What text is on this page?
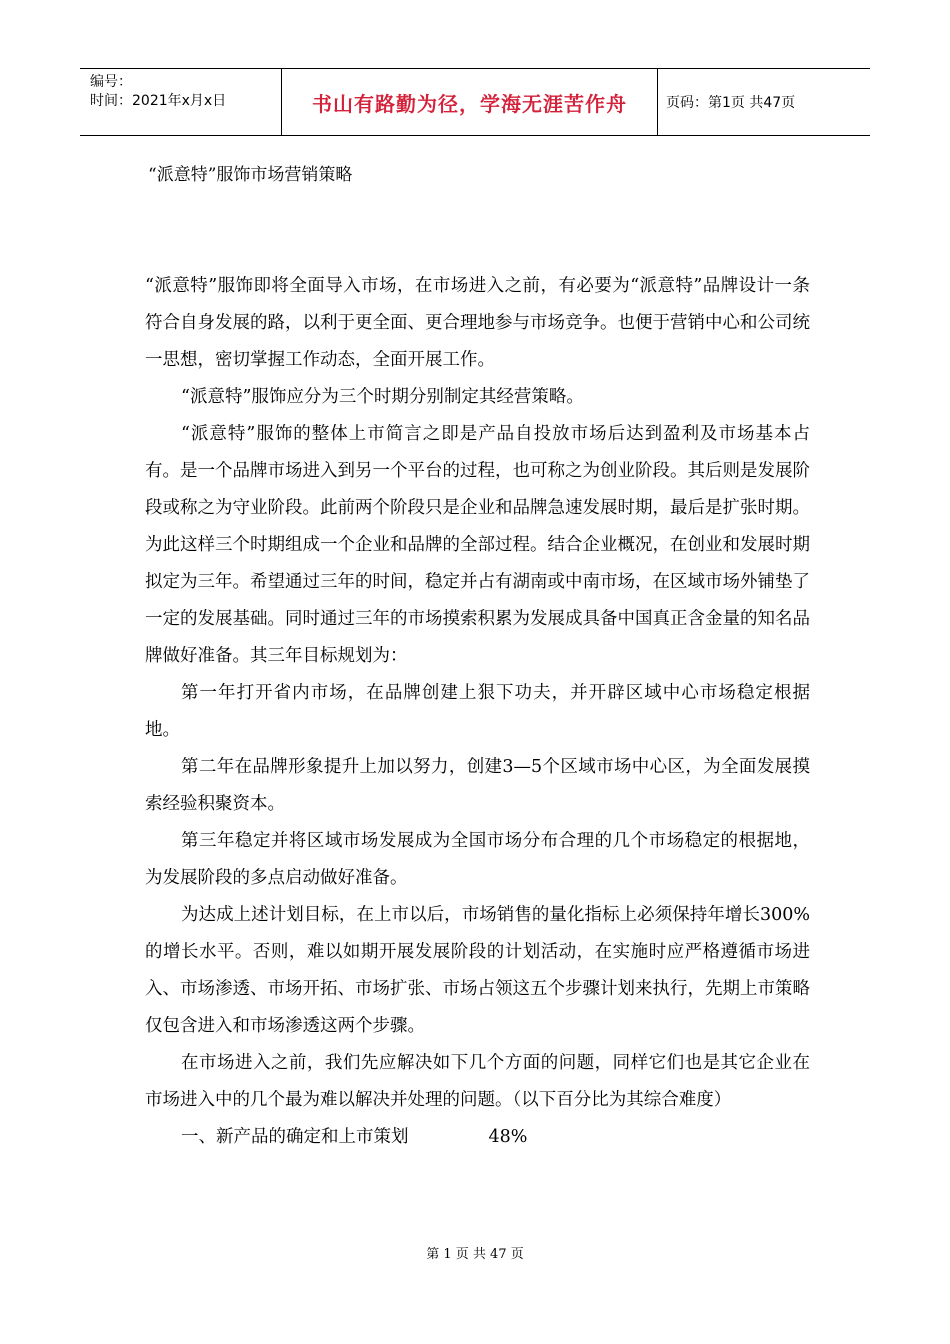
编号：
时间：2021年x月x日	书山有路勤为径，学海无涯苦作舟	页码：第1页 共47页
“派意特”服饰市场营销策略

“派意特”服饰即将全面导入市场，在市场进入之前，有必要为“派意特”品牌设计一条符合自身发展的路，以利于更全面、更合理地参与市场竞争。也便于营销中心和公司统一思想，密切掌握工作动态，全面开展工作。

“派意特”服饰应分为三个时期分别制定其经营策略。

“派意特”服饰的整体上市简言之即是产品自投放市场后达到盈利及市场基本占有。是一个品牌市场进入到另一个平台的过程，也可称之为创业阶段。其后则是发展阶段或称之为守业阶段。此前两个阶段只是企业和品牌急速发展时期，最后是扩张时期。为此这样三个时期组成一个企业和品牌的全部过程。结合企业概况，在创业和发展时期拟定为三年。希望通过三年的时间，稳定并占有湖南或中南市场，在区域市场外铺垫了一定的发展基础。同时通过三年的市场摸索积累为发展成具备中国真正含金量的知名品牌做好准备。其三年目标规划为：

第一年打开省内市场，在品牌创建上狠下功夫，并开辟区域中心市场稳定根据地。

第二年在品牌形象提升上加以努力，创建3—5个区域市场中心区，为全面发展摸索经验积聚资本。

第三年稳定并将区域市场发展成为全国市场分布合理的几个市场稳定的根据地，为发展阶段的多点启动做好准备。

为达成上述计划目标，在上市以后，市场销售的量化指标上必须保持年增长300%的增长水平。否则，难以如期开展发展阶段的计划活动，在实施时应严格遵循市场进入、市场渗透、市场开拓、市场扩张、市场占领这五个步骤计划来执行，先期上市策略仅包含进入和市场渗透这两个步骤。

在市场进入之前，我们先应解决如下几个方面的问题，同样它们也是其它企业在市场进入中的几个最为难以解决并处理的问题。（以下百分比为其综合难度）

一、新产品的确定和上市策划	48%
第 1 页 共 47 页
